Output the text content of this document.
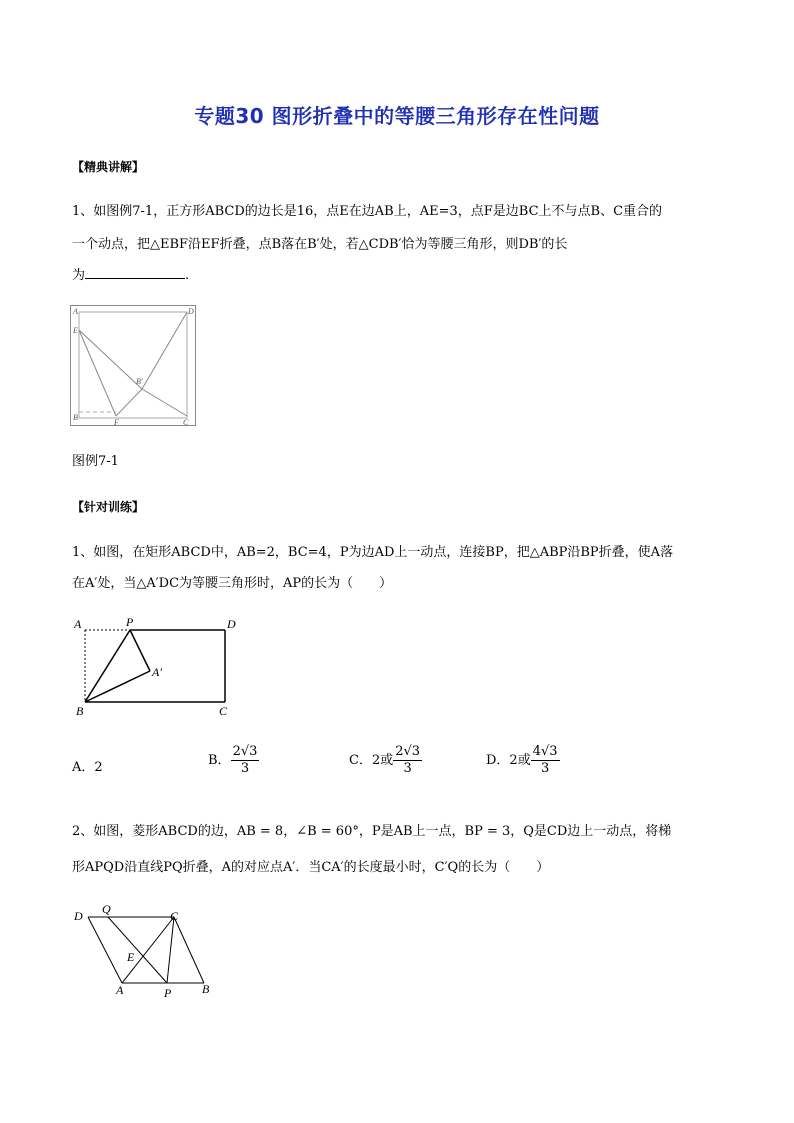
专题30 图形折叠中的等腰三角形存在性问题
【精典讲解】
1、如图例7-1，正方形ABCD的边长是16，点E在边AB上，AE=3，点F是边BC上不与点B、C重合的
一个动点，把△EBF沿EF折叠，点B落在B′处，若△CDB′恰为等腰三角形，则DB′的长
为	.
A	D
E
B′
B
F	C
图例7-1
【针对训练】
1、如图，在矩形ABCD中，AB=2，BC=4，P为边AD上一动点，连接BP，把△ABP沿BP折叠，使A落
在A′处，当△A′DC为等腰三角形时，AP的长为（　　）
A	P	D
A′
B	C
A．2	B． $\frac{2√3}{3}$	C．2或 $\frac{2√3}{3}$	D．2或 $\frac{4√3}{3}$
2、如图，菱形ABCD的边，AB = 8，∠B = 60°，P是AB上一点，BP = 3，Q是CD边上一动点，将梯
形APQD沿直线PQ折叠，A的对应点A′．当CA′的长度最小时，C′Q的长为（　　）
D Q	C
E
A	P	B
